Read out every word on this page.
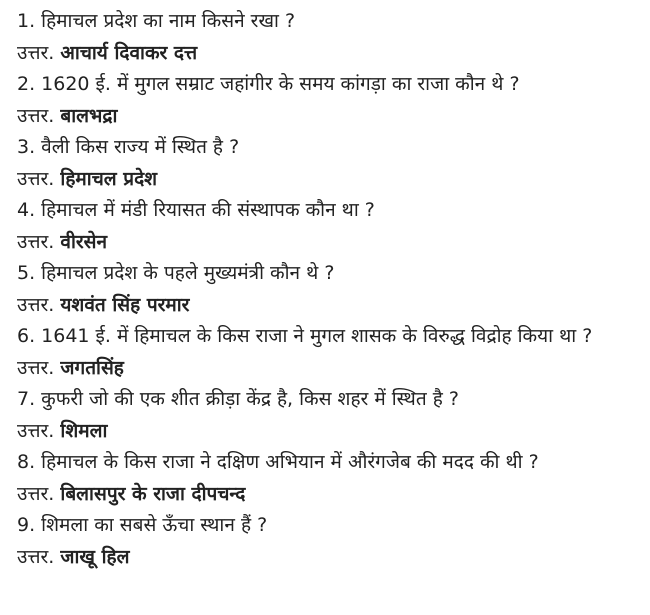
1. हिमाचल प्रदेश का नाम किसने रखा ?
उत्तर. आचार्य दिवाकर दत्त
2. 1620 ई. में मुगल सम्राट जहांगीर के समय कांगड़ा का राजा कौन थे ?
उत्तर. बालभद्रा
3. वैली किस राज्य में स्थित है ?
उत्तर. हिमाचल प्रदेश
4. हिमाचल में मंडी रियासत की संस्थापक कौन था ?
उत्तर. वीरसेन
5. हिमाचल प्रदेश के पहले मुख्यमंत्री कौन थे ?
उत्तर. यशवंत सिंह परमार
6. 1641 ई. में हिमाचल के किस राजा ने मुगल शासक के विरुद्ध विद्रोह किया था ?
उत्तर. जगतसिंह
7. कुफरी जो की एक शीत क्रीड़ा केंद्र है, किस शहर में स्थित है ?
उत्तर. शिमला
8. हिमाचल के किस राजा ने दक्षिण अभियान में औरंगजेब की मदद की थी ?
उत्तर. बिलासपुर के राजा दीपचन्द
9. शिमला का सबसे ऊँचा स्थान हैं ?
उत्तर. जाखू हिल
